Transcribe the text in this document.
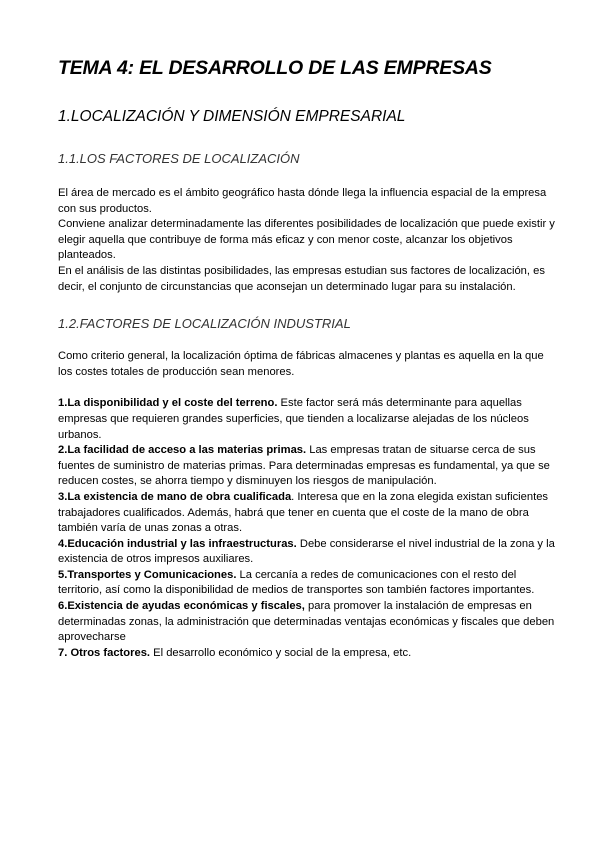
TEMA 4: EL DESARROLLO DE LAS EMPRESAS
1.LOCALIZACIÓN Y DIMENSIÓN EMPRESARIAL
1.1.LOS FACTORES DE LOCALIZACIÓN

El área de mercado es el ámbito geográfico hasta dónde llega la influencia espacial de la empresa con sus productos.

Conviene analizar determinadamente las diferentes posibilidades de localización que puede existir y elegir aquella que contribuye de forma más eficaz y con menor coste, alcanzar los objetivos planteados.

En el análisis de las distintas posibilidades, las empresas estudian sus factores de localización, es decir, el conjunto de circunstancias que aconsejan un determinado lugar para su instalación.

1.2.FACTORES DE LOCALIZACIÓN INDUSTRIAL

Como criterio general, la localización óptima de fábricas almacenes y plantas es aquella en la que los costes totales de producción sean menores.

1.La disponibilidad y el coste del terreno. Este factor será más determinante para aquellas empresas que requieren grandes superficies, que tienden a localizarse alejadas de los núcleos urbanos.

2.La facilidad de acceso a las materias primas. Las empresas tratan de situarse cerca de sus fuentes de suministro de materias primas. Para determinadas empresas es fundamental, ya que se reducen costes, se ahorra tiempo y disminuyen los riesgos de manipulación.

3.La existencia de mano de obra cualificada. Interesa que en la zona elegida existan suficientes trabajadores cualificados. Además, habrá que tener en cuenta que el coste de la mano de obra también varía de unas zonas a otras.

4.Educación industrial y las infraestructuras. Debe considerarse el nivel industrial de la zona y la existencia de otros impresos auxiliares.

5.Transportes y Comunicaciones. La cercanía a redes de comunicaciones con el resto del territorio, así como la disponibilidad de medios de transportes son también factores importantes.

6.Existencia de ayudas económicas y fiscales, para promover la instalación de empresas en determinadas zonas, la administración que determinadas ventajas económicas y fiscales que deben aprovecharse

7. Otros factores. El desarrollo económico y social de la empresa, etc.
